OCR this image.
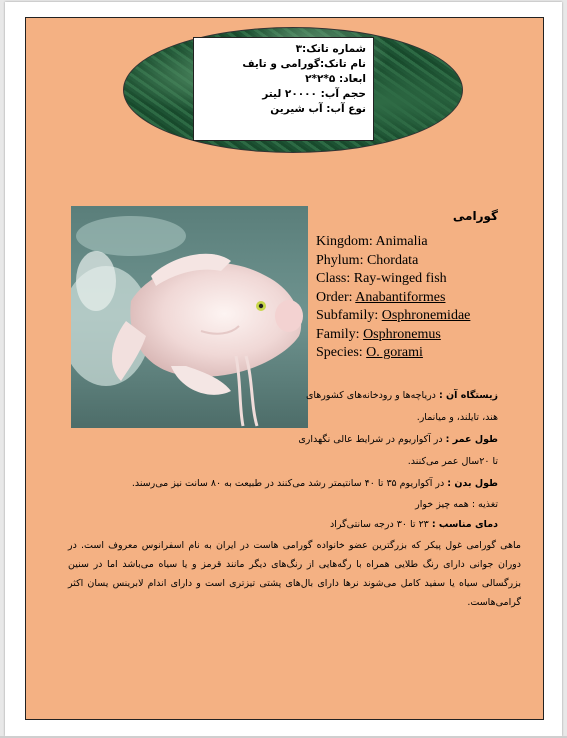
شماره تانک:۳
نام تانک:گورامی و تایف
ابعاد: ۵*۲*۲
حجم آب: ۲۰۰۰۰ لیتر
نوع آب: آب شیرین
گورامی
Kingdom: Animalia
Phylum: Chordata
Class: Ray-winged fish
Order: Anabantiformes
Subfamily: Osphronemidae
Family: Osphronemus
Species: O. gorami
زیستگاه آن : دریاچه‌ها و رودخانه‌های کشورهای
هند، تایلند، و میانمار.
طول عمر : در آکواریوم در شرایط عالی نگهداری
تا ۲۰سال عمر می‌کنند.
طول بدن : در آکواریوم ۳۵ تا ۴۰ سانتیمتر رشد می‌کنند در طبیعت به ۸۰ سانت نیز می‌رسند.
تغذیه : همه چیز خوار
دمای مناسب : ۲۳ تا ۳۰ درجه سانتی‌گراد
ماهی گورامی غول پیکر که بزرگترین عضو خانواده گورامی هاست در ایران به نام اسفرانوس معروف است. در دوران جوانی دارای رنگ طلایی همراه با رگه‌هایی از رنگ‌های دیگر مانند قرمز و یا سیاه می‌باشد اما در سنین بزرگسالی سیاه یا سفید کامل می‌شوند نرها دارای بال‌های پشتی تیزتری است و دارای اندام لابرینس یسان اکثر گرامی‌هاست.
